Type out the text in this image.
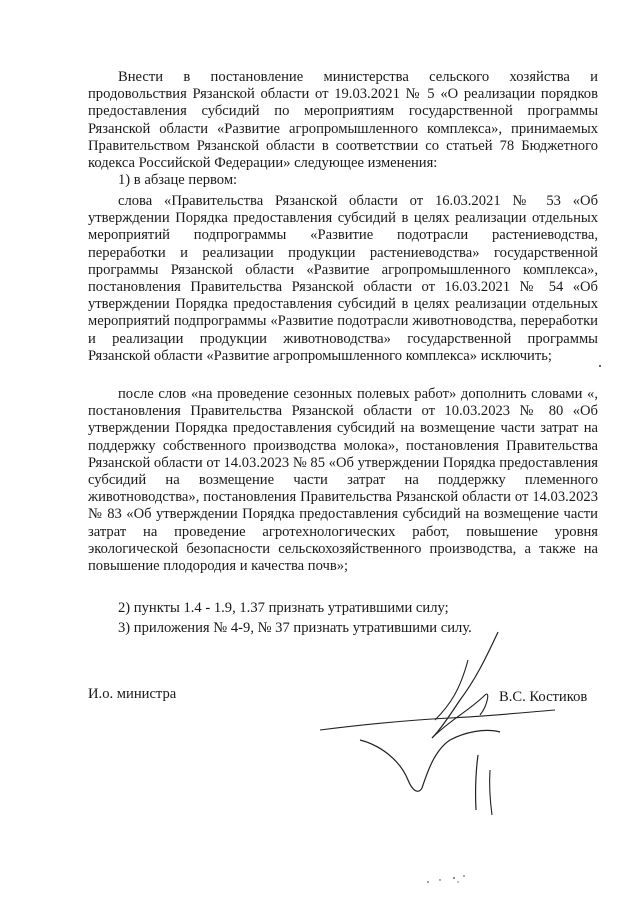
Внести в постановление министерства сельского хозяйства и продовольствия Рязанской области от 19.03.2021 № 5 «О реализации порядков предоставления субсидий по мероприятиям государственной программы Рязанской области «Развитие агропромышленного комплекса», принимаемых Правительством Рязанской области в соответствии со статьей 78 Бюджетного кодекса Российской Федерации» следующее изменения:
1) в абзаце первом:
слова «Правительства Рязанской области от 16.03.2021 № 53 «Об утверждении Порядка предоставления субсидий в целях реализации отдельных мероприятий подпрограммы «Развитие подотрасли растениеводства, переработки и реализации продукции растениеводства» государственной программы Рязанской области «Развитие агропромышленного комплекса», постановления Правительства Рязанской области от 16.03.2021 № 54 «Об утверждении Порядка предоставления субсидий в целях реализации отдельных мероприятий подпрограммы «Развитие подотрасли животноводства, переработки и реализации продукции животноводства» государственной программы Рязанской области «Развитие агропромышленного комплекса» исключить;
после слов «на проведение сезонных полевых работ» дополнить словами «, постановления Правительства Рязанской области от 10.03.2023 № 80 «Об утверждении Порядка предоставления субсидий на возмещение части затрат на поддержку собственного производства молока», постановления Правительства Рязанской области от 14.03.2023 № 85 «Об утверждении Порядка предоставления субсидий на возмещение части затрат на поддержку племенного животноводства», постановления Правительства Рязанской области от 14.03.2023 № 83 «Об утверждении Порядка предоставления субсидий на возмещение части затрат на проведение агротехнологических работ, повышение уровня экологической безопасности сельскохозяйственного производства, а также на повышение плодородия и качества почв»;
2) пункты 1.4 - 1.9, 1.37 признать утратившими силу;
3) приложения № 4-9, № 37 признать утратившими силу.
И.о. министра	В.С. Костиков
